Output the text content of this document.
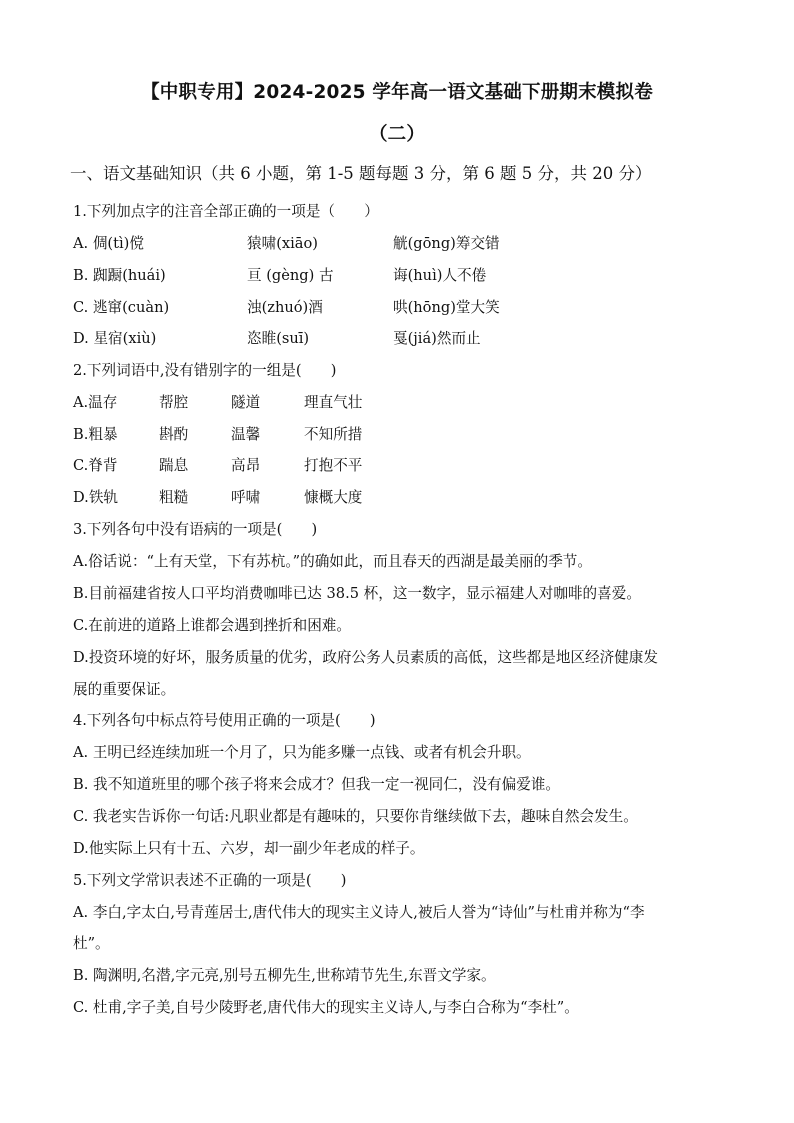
【中职专用】2024-2025 学年高一语文基础下册期末模拟卷
（二）
一、语文基础知识（共 6 小题，第 1-5 题每题 3 分，第 6 题 5 分，共 20 分）
1.下列加点字的注音全部正确的一项是（　　）
A. 倜(tì)傥	猿啸(xiāo)	觥(gōng)筹交错
B. 踟蹰(huái)	亘 (gèng) 古	诲(huì)人不倦
C. 逃窜(cuàn)	浊(zhuó)酒	哄(hōng)堂大笑
D. 星宿(xiù)	恣睢(suī)	戛(jiá)然而止
2.下列词语中,没有错别字的一组是(　　)
A.温存	帮腔	隧道	理直气壮
B.粗暴	斟酌	温馨	不知所措
C.脊背	踹息	高昂	打抱不平
D.铁轨	粗糙	呼啸	慷概大度
3.下列各句中没有语病的一项是(　　)
A.俗话说：“上有天堂，下有苏杭。”的确如此，而且春天的西湖是最美丽的季节。
B.目前福建省按人口平均消费咖啡已达 38.5 杯，这一数字，显示福建人对咖啡的喜爱。
C.在前进的道路上谁都会遇到挫折和困难。
D.投资环境的好坏，服务质量的优劣，政府公务人员素质的高低，这些都是地区经济健康发
展的重要保证。
4.下列各句中标点符号使用正确的一项是(　　)
A. 王明已经连续加班一个月了，只为能多赚一点钱、或者有机会升职。
B. 我不知道班里的哪个孩子将来会成才？但我一定一视同仁，没有偏爱谁。
C. 我老实告诉你一句话:凡职业都是有趣味的，只要你肯继续做下去，趣味自然会发生。
D.他实际上只有十五、六岁，却一副少年老成的样子。
5.下列文学常识表述不正确的一项是(　　)
A. 李白,字太白,号青莲居士,唐代伟大的现实主义诗人,被后人誉为“诗仙”与杜甫并称为“李
杜”。
B. 陶渊明,名潜,字元亮,别号五柳先生,世称靖节先生,东晋文学家。
C. 杜甫,字子美,自号少陵野老,唐代伟大的现实主义诗人,与李白合称为“李杜”。
